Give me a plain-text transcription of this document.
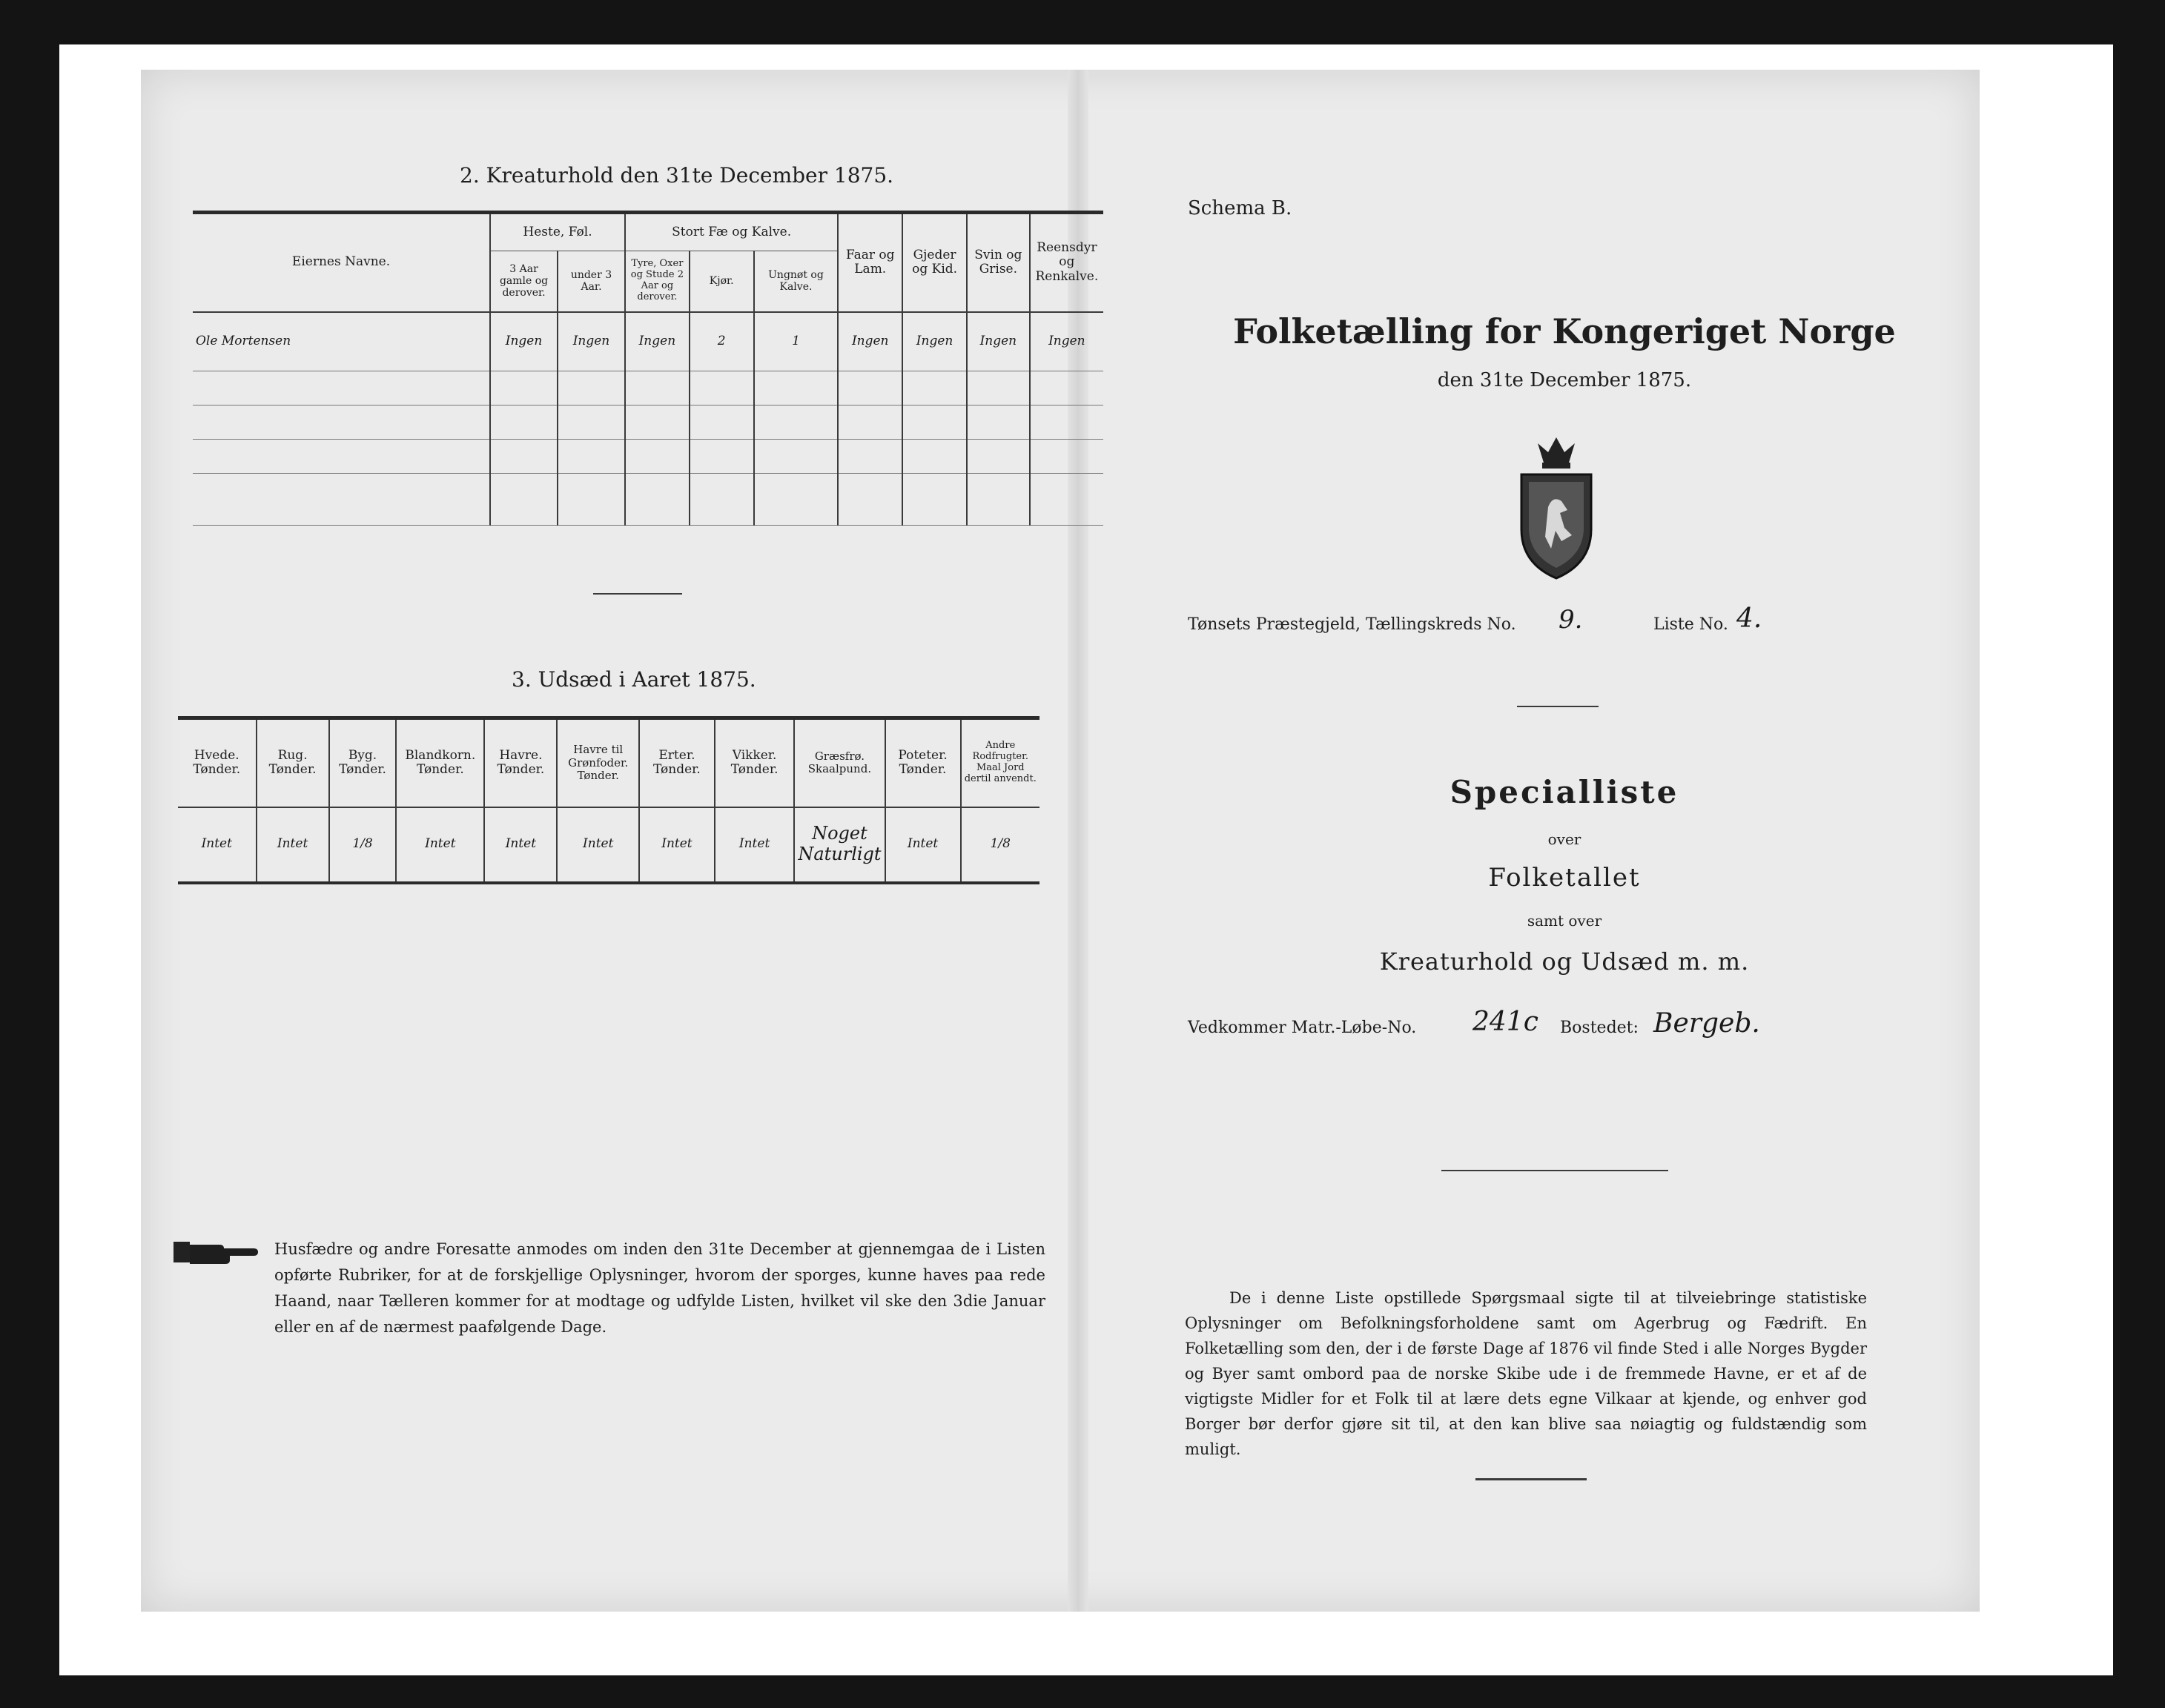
2. Kreaturhold den 31te December 1875.
Eiernes Navne.	Heste, Føl.		Stort Fæ og Kalve.			Faar og Lam.	Gjeder og Kid.	Svin og Grise.	Reensdyr og Renkalve.
	3 Aar gamle og derover.	under 3 Aar.	Tyre, Oxer og Stude 2 Aar og derover.	Kjør.	Ungnøt og Kalve.				
Ole Mortensen	Ingen	Ingen	Ingen	2	1	Ingen	Ingen	Ingen	Ingen

3. Udsæd i Aaret 1875.
Hvede. Tønder.	Rug. Tønder.	Byg. Tønder.	Blandkorn. Tønder.	Havre. Tønder.	Havre til Grønfoder. Tønder.	Erter. Tønder.	Vikker. Tønder.	Græsfrø. Skaalpund.	Poteter. Tønder.	Andre Rodfrugter. Maal Jord dertil anvendt.
Intet	Intet	1/8	Intet	Intet	Intet	Intet	Intet	Noget Naturligt	Intet	1/8
Husfædre og andre Foresatte anmodes om inden den 31te December at gjennemgaa de i Listen opførte Rubriker, for at de forskjellige Oplysninger, hvorom der sporges, kunne haves paa rede Haand, naar Tælleren kommer for at modtage og udfylde Listen, hvilket vil ske den 3die Januar eller en af de nærmest paafølgende Dage.
Schema B.
Folketælling for Kongeriget Norge
den 31te December 1875.
Tønsets Præstegjeld, Tællingskreds No. 9.	Liste No. 4.
Specialliste
over
Folketallet
samt over
Kreaturhold og Udsæd m. m.
Vedkommer Matr.-Løbe-No. 241c Bostedet: Bergeb.
De i denne Liste opstillede Spørgsmaal sigte til at tilveiebringe statistiske Oplysninger om Befolkningsforholdene samt om Agerbrug og Fædrift. En Folketælling som den, der i de første Dage af 1876 vil finde Sted i alle Norges Bygder og Byer samt ombord paa de norske Skibe ude i de fremmede Havne, er et af de vigtigste Midler for et Folk til at lære dets egne Vilkaar at kjende, og enhver god Borger bør derfor gjøre sit til, at den kan blive saa nøiagtig og fuldstændig som muligt.
